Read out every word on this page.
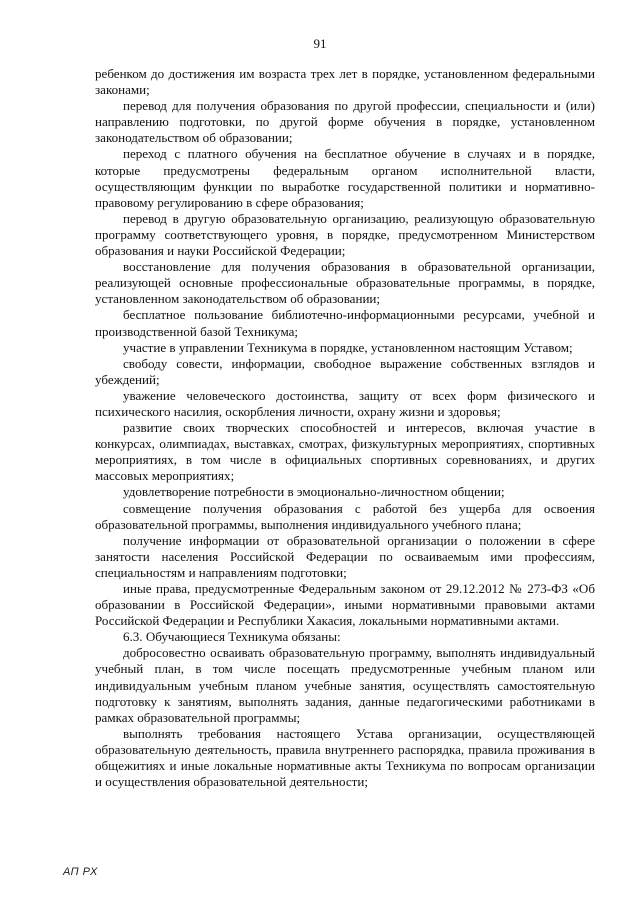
91

ребенком до достижения им возраста трех лет в порядке, установленном федеральными законами;

перевод для получения образования по другой профессии, специальности и (или) направлению подготовки, по другой форме обучения в порядке, установленном законодательством об образовании;

переход с платного обучения на бесплатное обучение в случаях и в порядке, которые предусмотрены федеральным органом исполнительной власти, осуществляющим функции по выработке государственной политики и нормативно-правовому регулированию в сфере образования;

перевод в другую образовательную организацию, реализующую образовательную программу соответствующего уровня, в порядке, предусмотренном Министерством образования и науки Российской Федерации;

восстановление для получения образования в образовательной организации, реализующей основные профессиональные образовательные программы, в порядке, установленном законодательством об образовании;

бесплатное пользование библиотечно-информационными ресурсами, учебной и производственной базой Техникума;

участие в управлении Техникума в порядке, установленном настоящим Уставом;

свободу совести, информации, свободное выражение собственных взглядов и убеждений;

уважение человеческого достоинства, защиту от всех форм физического и психического насилия, оскорбления личности, охрану жизни и здоровья;

развитие своих творческих способностей и интересов, включая участие в конкурсах, олимпиадах, выставках, смотрах, физкультурных мероприятиях, спортивных мероприятиях, в том числе в официальных спортивных соревнованиях, и других массовых мероприятиях;

удовлетворение потребности в эмоционально-личностном общении;

совмещение получения образования с работой без ущерба для освоения образовательной программы, выполнения индивидуального учебного плана;

получение информации от образовательной организации о положении в сфере занятости населения Российской Федерации по осваиваемым ими профессиям, специальностям и направлениям подготовки;

иные права, предусмотренные Федеральным законом от 29.12.2012 № 273-ФЗ «Об образовании в Российской Федерации», иными нормативными правовыми актами Российской Федерации и Республики Хакасия, локальными нормативными актами.

6.3. Обучающиеся Техникума обязаны:

добросовестно осваивать образовательную программу, выполнять индивидуальный учебный план, в том числе посещать предусмотренные учебным планом или индивидуальным учебным планом учебные занятия, осуществлять самостоятельную подготовку к занятиям, выполнять задания, данные педагогическими работниками в рамках образовательной программы;

выполнять требования настоящего Устава организации, осуществляющей образовательную деятельность, правила внутреннего распорядка, правила проживания в общежитиях и иные локальные нормативные акты Техникума по вопросам организации и осуществления образовательной деятельности;

АП РХ
